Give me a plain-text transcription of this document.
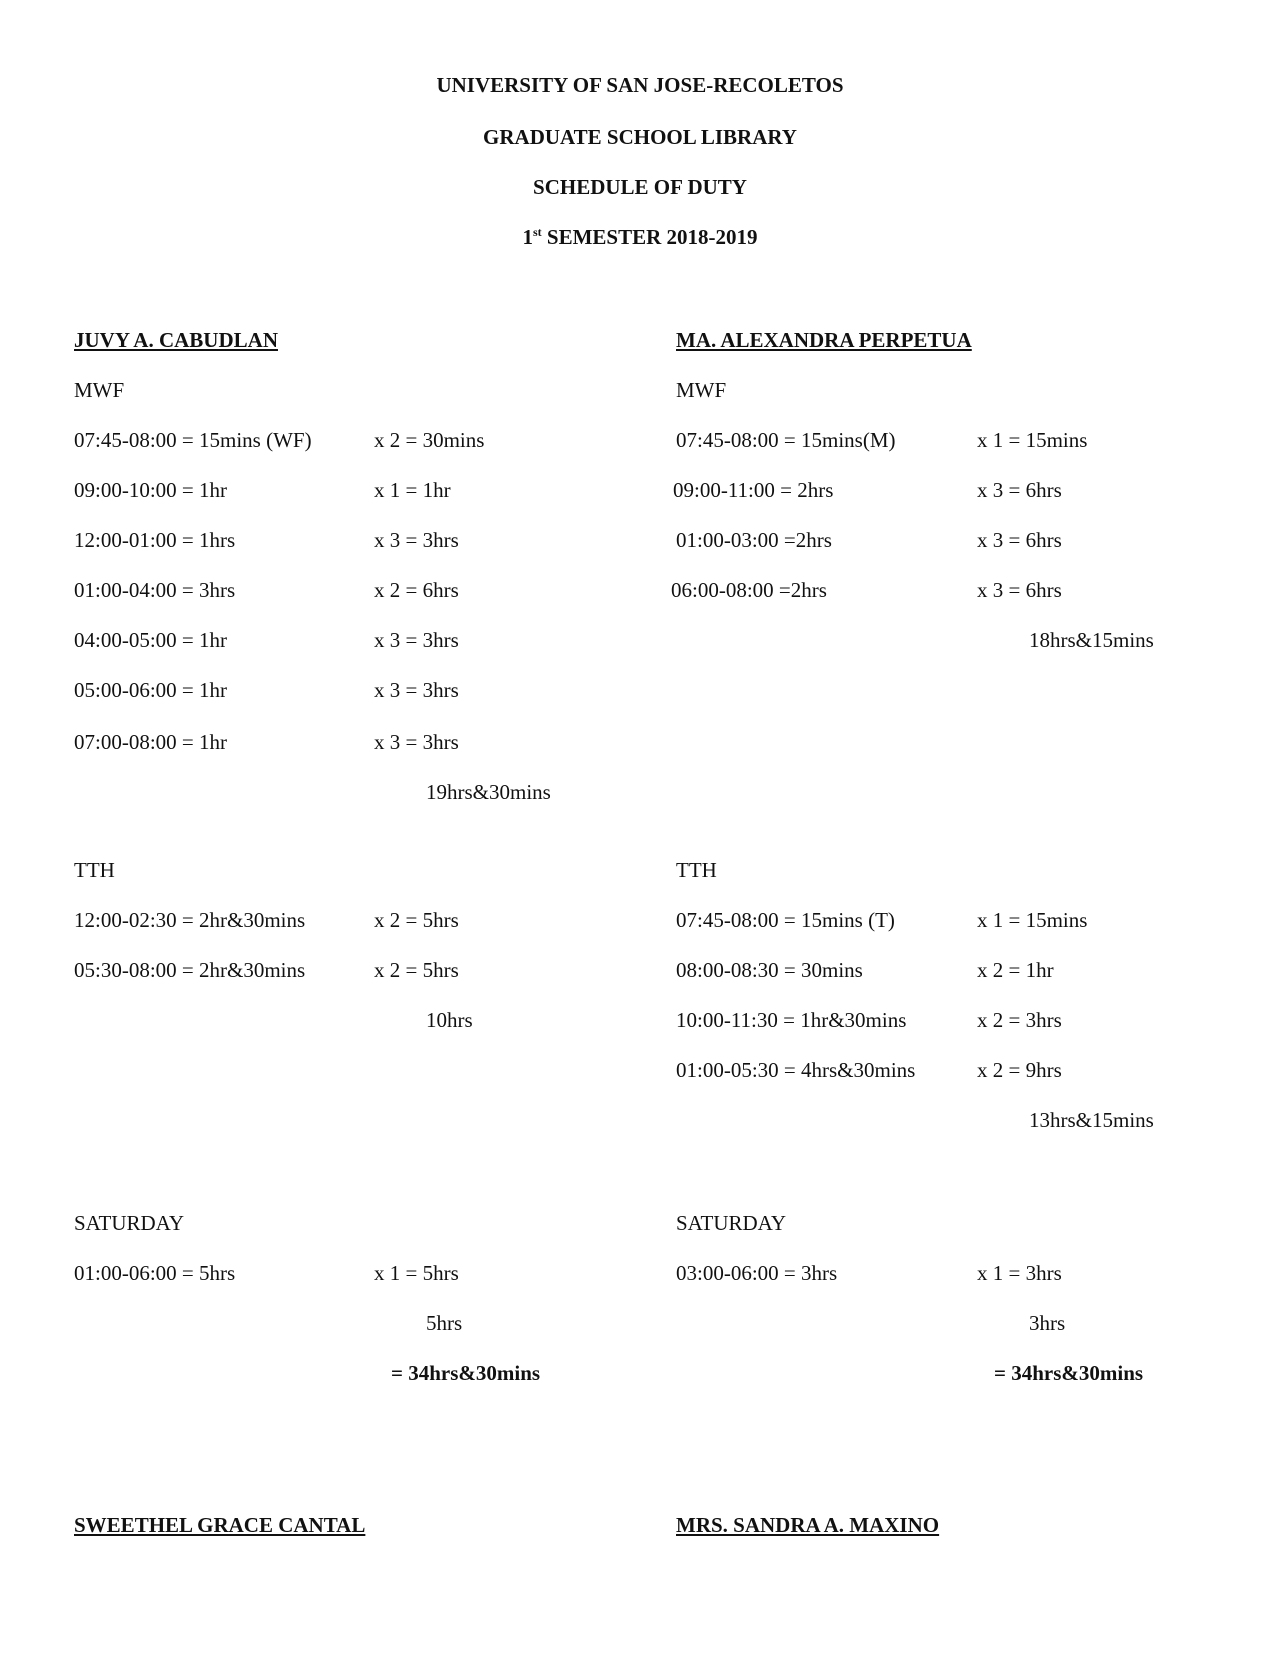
UNIVERSITY OF SAN JOSE-RECOLETOS
GRADUATE SCHOOL LIBRARY
SCHEDULE OF DUTY
1st SEMESTER 2018-2019
JUVY A. CABUDLAN
MWF
07:45-08:00 = 15mins (WF)	x 2 = 30mins
09:00-10:00 = 1hr	x 1 = 1hr
12:00-01:00 = 1hrs	x 3 = 3hrs
01:00-04:00 = 3hrs	x 2 = 6hrs
04:00-05:00 = 1hr	x 3 = 3hrs
05:00-06:00 = 1hr	x 3 = 3hrs
07:00-08:00 = 1hr	x 3 = 3hrs
19hrs&30mins
TTH
12:00-02:30 = 2hr&30mins	x 2 = 5hrs
05:30-08:00 = 2hr&30mins	x 2 = 5hrs
10hrs
SATURDAY
01:00-06:00 = 5hrs	x 1 = 5hrs
5hrs
= 34hrs&30mins
MA. ALEXANDRA PERPETUA
MWF
07:45-08:00 = 15mins(M)	x 1 = 15mins
09:00-11:00 = 2hrs	x 3 = 6hrs
01:00-03:00 =2hrs	x 3 = 6hrs
06:00-08:00 =2hrs	x 3 = 6hrs
18hrs&15mins
TTH
07:45-08:00 = 15mins (T)	x 1 = 15mins
08:00-08:30 = 30mins	x 2 = 1hr
10:00-11:30 = 1hr&30mins	x 2 = 3hrs
01:00-05:30 = 4hrs&30mins	x 2 = 9hrs
13hrs&15mins
SATURDAY
03:00-06:00 = 3hrs	x 1 = 3hrs
3hrs
= 34hrs&30mins
SWEETHEL GRACE CANTAL	MRS. SANDRA A. MAXINO
